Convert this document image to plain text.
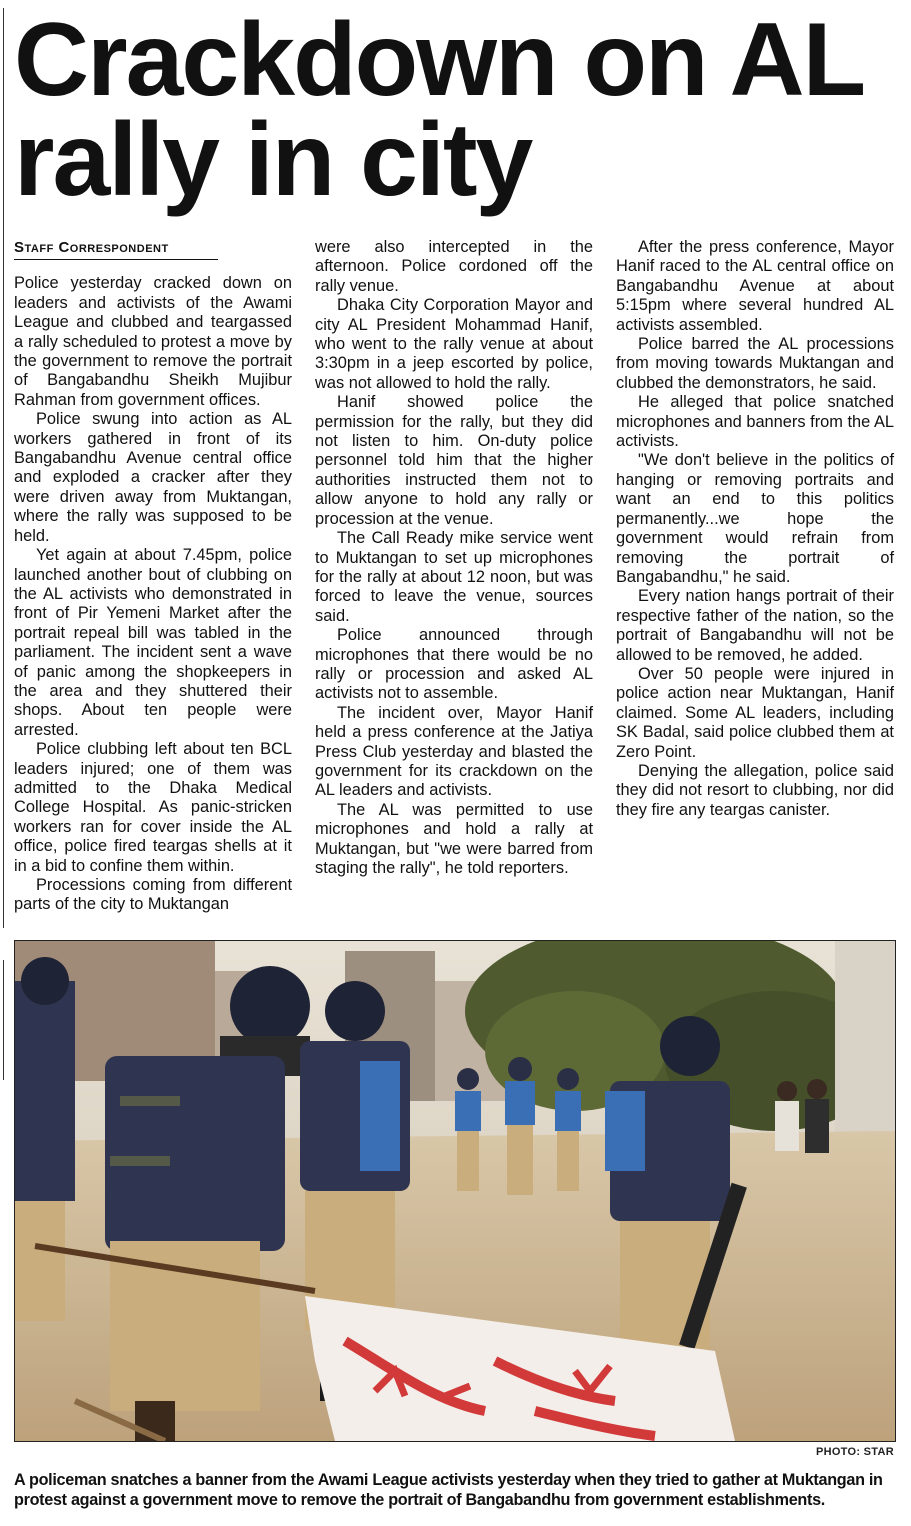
Crackdown on AL rally in city
Staff Correspondent

Police yesterday cracked down on leaders and activists of the Awami League and clubbed and teargassed a rally scheduled to protest a move by the government to remove the portrait of Bangabandhu Sheikh Mujibur Rahman from government offices.

Police swung into action as AL workers gathered in front of its Bangabandhu Avenue central office and exploded a cracker after they were driven away from Muktangan, where the rally was supposed to be held.

Yet again at about 7.45pm, police launched another bout of clubbing on the AL activists who demonstrated in front of Pir Yemeni Market after the portrait repeal bill was tabled in the parliament. The incident sent a wave of panic among the shopkeepers in the area and they shuttered their shops. About ten people were arrested.

Police clubbing left about ten BCL leaders injured; one of them was admitted to the Dhaka Medical College Hospital. As panic-stricken workers ran for cover inside the AL office, police fired teargas shells at it in a bid to confine them within.

Processions coming from different parts of the city to Muktangan

were also intercepted in the afternoon. Police cordoned off the rally venue.

Dhaka City Corporation Mayor and city AL President Mohammad Hanif, who went to the rally venue at about 3:30pm in a jeep escorted by police, was not allowed to hold the rally.

Hanif showed police the permission for the rally, but they did not listen to him. On-duty police personnel told him that the higher authorities instructed them not to allow anyone to hold any rally or procession at the venue.

The Call Ready mike service went to Muktangan to set up microphones for the rally at about 12 noon, but was forced to leave the venue, sources said.

Police announced through microphones that there would be no rally or procession and asked AL activists not to assemble.

The incident over, Mayor Hanif held a press conference at the Jatiya Press Club yesterday and blasted the government for its crackdown on the AL leaders and activists.

The AL was permitted to use microphones and hold a rally at Muktangan, but "we were barred from staging the rally", he told reporters.

After the press conference, Mayor Hanif raced to the AL central office on Bangabandhu Avenue at about 5:15pm where several hundred AL activists assembled.

Police barred the AL processions from moving towards Muktangan and clubbed the demonstrators, he said.

He alleged that police snatched microphones and banners from the AL activists.

"We don't believe in the politics of hanging or removing portraits and want an end to this politics permanently...we hope the government would refrain from removing the portrait of Bangabandhu," he said.

Every nation hangs portrait of their respective father of the nation, so the portrait of Bangabandhu will not be allowed to be removed, he added.

Over 50 people were injured in police action near Muktangan, Hanif claimed. Some AL leaders, including SK Badal, said police clubbed them at Zero Point.

Denying the allegation, police said they did not resort to clubbing, nor did they fire any teargas canister.

PHOTO: STAR
A policeman snatches a banner from the Awami League activists yesterday when they tried to gather at Muktangan in protest against a government move to remove the portrait of Bangabandhu from government establishments.
